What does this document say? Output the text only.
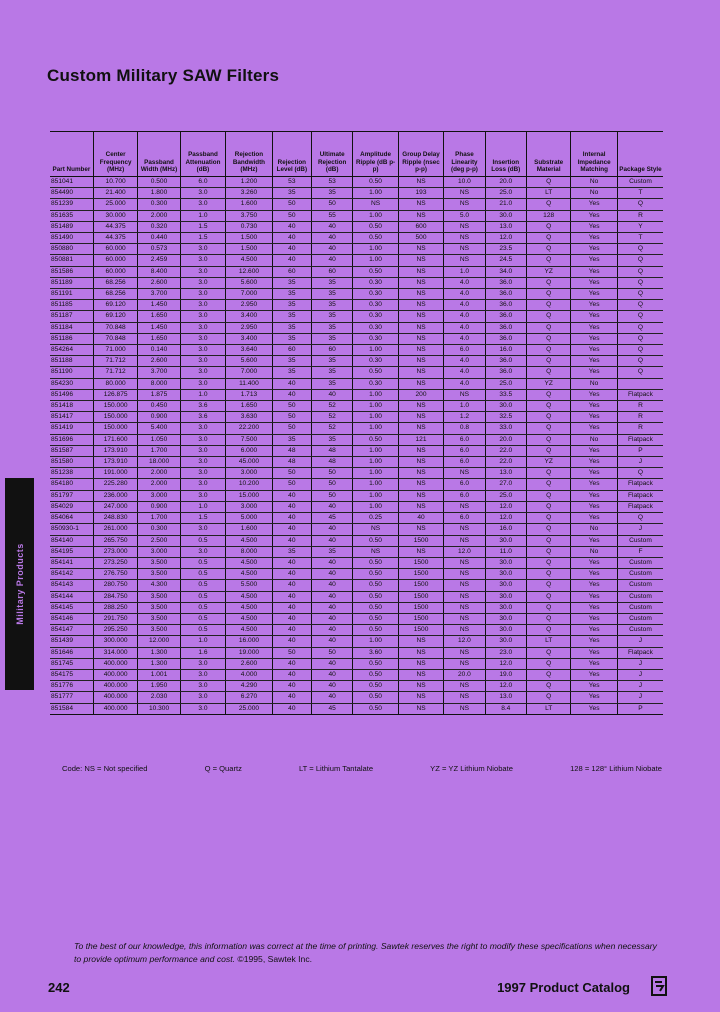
Custom Military SAW Filters
Military Products
Part Number	Center Frequency (MHz)	Passband Width (MHz)	Passband Attenuation (dB)	Rejection Bandwidth (MHz)	Rejection Level (dB)	Ultimate Rejection (dB)	Amplitude Ripple (dB p-p)	Group Delay Ripple (nsec p-p)	Phase Linearity (deg p-p)	Insertion Loss (dB)	Substrate Material	Internal Impedance Matching	Package Style
851041	10.700	0.500	6.0	1.200	53	53	0.50	NS	10.0	20.0	Q	No	Custom
854490	21.400	1.800	3.0	3.260	35	35	1.00	193	NS	25.0	LT	No	T
851239	25.000	0.300	3.0	1.600	50	50	NS	NS	NS	21.0	Q	Yes	Q
851635	30.000	2.000	1.0	3.750	50	55	1.00	NS	5.0	30.0	128	Yes	R
851489	44.375	0.320	1.5	0.730	40	40	0.50	600	NS	13.0	Q	Yes	Y
851490	44.375	0.440	1.5	1.500	40	40	0.50	500	NS	12.0	Q	Yes	T
850880	60.000	0.573	3.0	1.500	40	40	1.00	NS	NS	23.5	Q	Yes	Q
850881	60.000	2.459	3.0	4.500	40	40	1.00	NS	NS	24.5	Q	Yes	Q
851586	60.000	8.400	3.0	12.600	60	60	0.50	NS	1.0	34.0	YZ	Yes	Q
851189	68.256	2.600	3.0	5.600	35	35	0.30	NS	4.0	36.0	Q	Yes	Q
851191	68.256	3.700	3.0	7.000	35	35	0.30	NS	4.0	36.0	Q	Yes	Q
851185	69.120	1.450	3.0	2.950	35	35	0.30	NS	4.0	36.0	Q	Yes	Q
851187	69.120	1.650	3.0	3.400	35	35	0.30	NS	4.0	36.0	Q	Yes	Q
851184	70.848	1.450	3.0	2.950	35	35	0.30	NS	4.0	36.0	Q	Yes	Q
851186	70.848	1.650	3.0	3.400	35	35	0.30	NS	4.0	36.0	Q	Yes	Q
854264	71.000	0.140	3.0	3.640	60	60	1.00	NS	6.0	16.0	Q	Yes	Q
851188	71.712	2.600	3.0	5.600	35	35	0.30	NS	4.0	36.0	Q	Yes	Q
851190	71.712	3.700	3.0	7.000	35	35	0.50	NS	4.0	36.0	Q	Yes	Q
854230	80.000	8.000	3.0	11.400	40	35	0.30	NS	4.0	25.0	YZ	No	
851496	126.875	1.875	1.0	1.713	40	40	1.00	200	NS	33.5	Q	Yes	Flatpack
851418	150.000	0.450	3.6	1.650	50	52	1.00	NS	1.0	30.0	Q	Yes	R
851417	150.000	0.900	3.6	3.630	50	52	1.00	NS	1.2	32.5	Q	Yes	R
851419	150.000	5.400	3.0	22.200	50	52	1.00	NS	0.8	33.0	Q	Yes	R
851696	171.600	1.050	3.0	7.500	35	35	0.50	121	6.0	20.0	Q	No	Flatpack
851587	173.910	1.700	3.0	6.000	48	48	1.00	NS	6.0	22.0	Q	Yes	P
851580	173.910	18.000	3.0	45.000	48	48	1.00	NS	6.0	22.0	YZ	Yes	J
851238	191.000	2.000	3.0	3.000	50	50	1.00	NS	NS	13.0	Q	Yes	Q
854180	225.280	2.000	3.0	10.200	50	50	1.00	NS	6.0	27.0	Q	Yes	Flatpack
851797	236.000	3.000	3.0	15.000	40	50	1.00	NS	6.0	25.0	Q	Yes	Flatpack
854029	247.000	0.900	1.0	3.000	40	40	1.00	NS	NS	12.0	Q	Yes	Flatpack
854064	248.830	1.700	1.5	5.000	40	45	0.25	40	6.0	12.0	Q	Yes	Q
850930-1	261.000	0.300	3.0	1.600	40	40	NS	NS	NS	16.0	Q	No	J
854140	265.750	2.500	0.5	4.500	40	40	0.50	1500	NS	30.0	Q	Yes	Custom
854195	273.000	3.000	3.0	8.000	35	35	NS	NS	12.0	11.0	Q	No	F
854141	273.250	3.500	0.5	4.500	40	40	0.50	1500	NS	30.0	Q	Yes	Custom
854142	276.750	3.500	0.5	4.500	40	40	0.50	1500	NS	30.0	Q	Yes	Custom
854143	280.750	4.300	0.5	5.500	40	40	0.50	1500	NS	30.0	Q	Yes	Custom
854144	284.750	3.500	0.5	4.500	40	40	0.50	1500	NS	30.0	Q	Yes	Custom
854145	288.250	3.500	0.5	4.500	40	40	0.50	1500	NS	30.0	Q	Yes	Custom
854146	291.750	3.500	0.5	4.500	40	40	0.50	1500	NS	30.0	Q	Yes	Custom
854147	295.250	3.500	0.5	4.500	40	40	0.50	1500	NS	30.0	Q	Yes	Custom
851439	300.000	12.000	1.0	16.000	40	40	1.00	NS	12.0	30.0	LT	Yes	J
851646	314.000	1.300	1.6	19.000	50	50	3.60	NS	NS	23.0	Q	Yes	Flatpack
851745	400.000	1.300	3.0	2.600	40	40	0.50	NS	NS	12.0	Q	Yes	J
854175	400.000	1.001	3.0	4.000	40	40	0.50	NS	20.0	19.0	Q	Yes	J
851776	400.000	1.950	3.0	4.290	40	40	0.50	NS	NS	12.0	Q	Yes	J
851777	400.000	2.030	3.0	6.270	40	40	0.50	NS	NS	13.0	Q	Yes	J
851584	400.000	10.300	3.0	25.000	40	45	0.50	NS	NS	8.4	LT	Yes	P
Code: NS = Not specified	Q = Quartz	LT = Lithium Tantalate	YZ = YZ Lithium Niobate	128 = 128° Lithium Niobate
To the best of our knowledge, this information was correct at the time of printing. Sawtek reserves the right to modify these specifications when necessary to provide optimum performance and cost. ©1995, Sawtek Inc.
242	1997 Product Catalog
